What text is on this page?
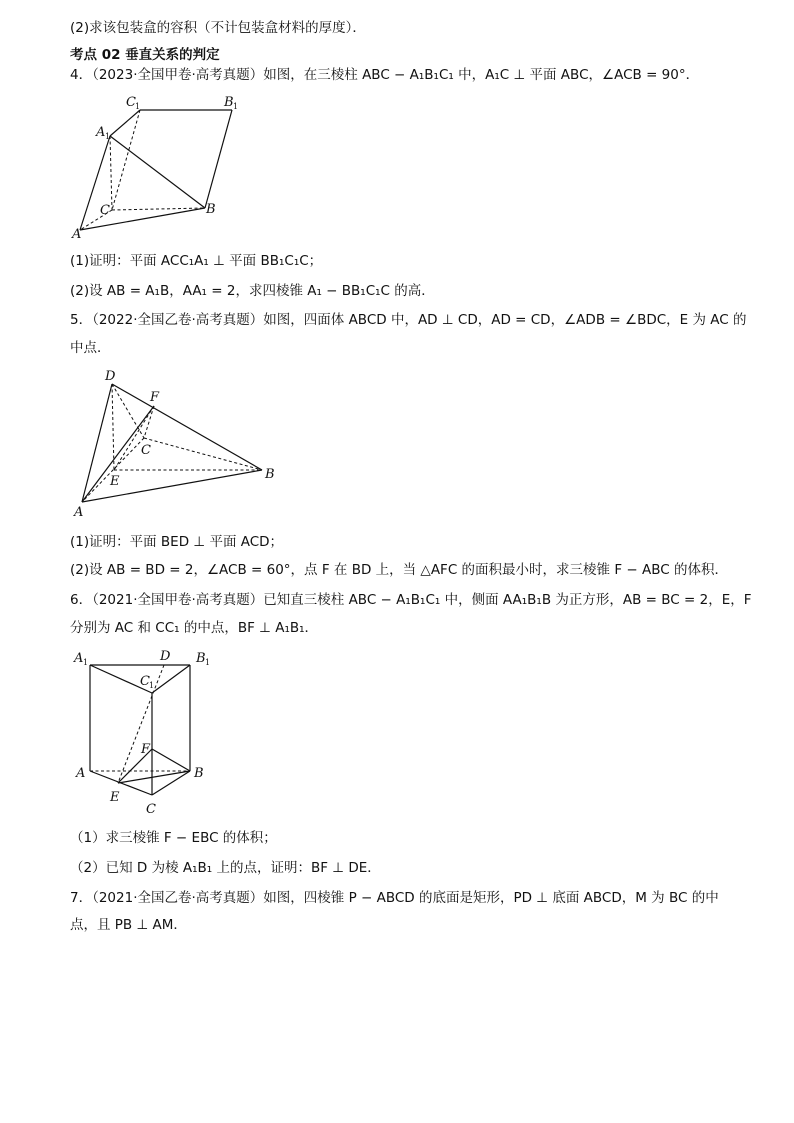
(2)求该包装盒的容积（不计包装盒材料的厚度）．
考点 02 垂直关系的判定
4．（2023·全国甲卷·高考真题）如图，在三棱柱 ABC − A₁B₁C₁ 中，A₁C ⊥ 平面 ABC，∠ACB = 90°．
C 1	B 1
A 1
C	B
A
(1)证明：平面 ACC₁A₁ ⊥ 平面 BB₁C₁C；
(2)设 AB = A₁B，AA₁ = 2，求四棱锥 A₁ − BB₁C₁C 的高．
5．（2022·全国乙卷·高考真题）如图，四面体 ABCD 中，AD ⊥ CD，AD = CD，∠ADB = ∠BDC，E 为 AC 的
中点．
D
F
C
E	B
A
(1)证明：平面 BED ⊥ 平面 ACD；
(2)设 AB = BD = 2，∠ACB = 60°，点 F 在 BD 上，当 △AFC 的面积最小时，求三棱锥 F − ABC 的体积．
6．（2021·全国甲卷·高考真题）已知直三棱柱 ABC − A₁B₁C₁ 中，侧面 AA₁B₁B 为正方形，AB = BC = 2，E，F
分别为 AC 和 CC₁ 的中点，BF ⊥ A₁B₁．
A 1	D B 1
C 1
F
A	B
E
C
（1）求三棱锥 F − EBC 的体积；
（2）已知 D 为棱 A₁B₁ 上的点，证明：BF ⊥ DE．
7．（2021·全国乙卷·高考真题）如图，四棱锥 P − ABCD 的底面是矩形，PD ⊥ 底面 ABCD，M 为 BC 的中
点，且 PB ⊥ AM．
